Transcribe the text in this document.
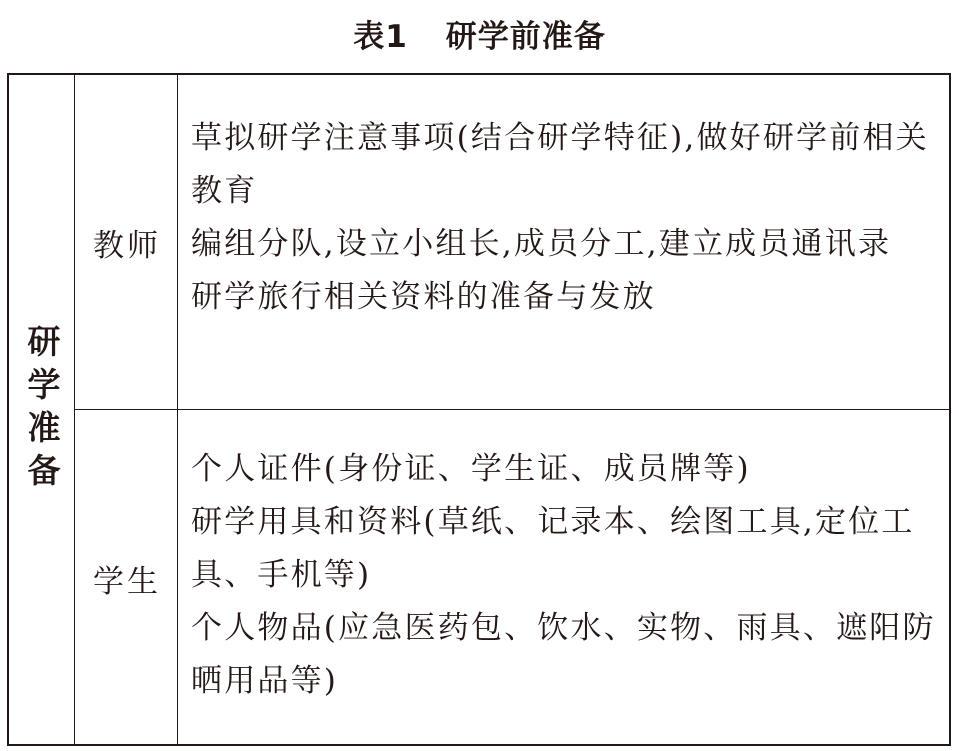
表1 研学前准备
研学准备
教师

草拟研学注意事项(结合研学特征),做好研学前相关教育

编组分队,设立小组长,成员分工,建立成员通讯录

研学旅行相关资料的准备与发放

学生

个人证件(身份证、学生证、成员牌等)

研学用具和资料(草纸、记录本、绘图工具,定位工具、手机等)

个人物品(应急医药包、饮水、实物、雨具、遮阳防晒用品等)
